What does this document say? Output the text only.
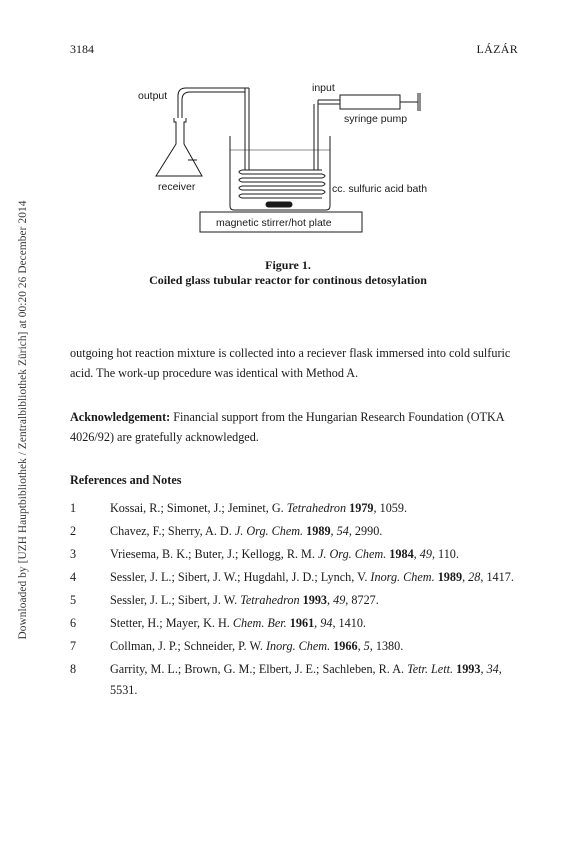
Downloaded by [UZH Hauptbibliothek / Zentralbibliothek Zürich] at 00:20 26 December 2014
3184	LÁZÁR
output
input
syringe pump
receiver	cc. sulfuric acid bath
magnetic stirrer/hot plate
Figure 1.
Coiled glass tubular reactor for continous detosylation

outgoing hot reaction mixture is collected into a reciever flask immersed into cold sulfuric acid. The work-up procedure was identical with Method A.

Acknowledgement: Financial support from the Hungarian Research Foundation (OTKA 4026/92) are gratefully acknowledged.

References and Notes
1	Kossai, R.; Simonet, J.; Jeminet, G. Tetrahedron 1979, 1059.
2	Chavez, F.; Sherry, A. D. J. Org. Chem. 1989, 54, 2990.
3	Vriesema, B. K.; Buter, J.; Kellogg, R. M. J. Org. Chem. 1984, 49, 110.
4	Sessler, J. L.; Sibert, J. W.; Hugdahl, J. D.; Lynch, V. Inorg. Chem. 1989, 28, 1417.
5	Sessler, J. L.; Sibert, J. W. Tetrahedron 1993, 49, 8727.
6	Stetter, H.; Mayer, K. H. Chem. Ber. 1961, 94, 1410.
7	Collman, J. P.; Schneider, P. W. Inorg. Chem. 1966, 5, 1380.
8	Garrity, M. L.; Brown, G. M.; Elbert, J. E.; Sachleben, R. A. Tetr. Lett. 1993, 34, 5531.
